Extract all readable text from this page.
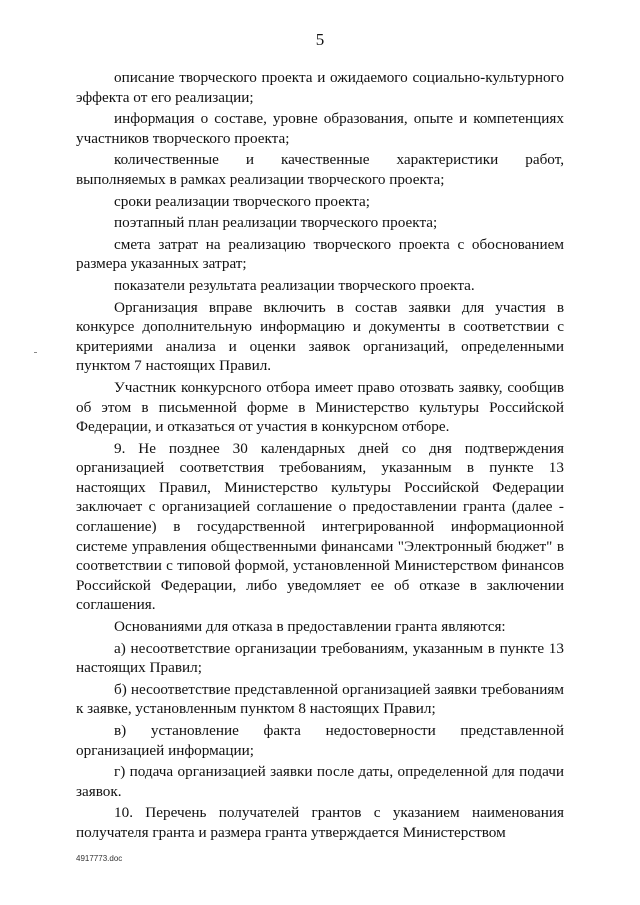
5

описание творческого проекта и ожидаемого социально-культурного эффекта от его реализации;

информация о составе, уровне образования, опыте и компетенциях участников творческого проекта;

количественные и качественные характеристики работ, выполняемых в рамках реализации творческого проекта;

сроки реализации творческого проекта;

поэтапный план реализации творческого проекта;

смета затрат на реализацию творческого проекта с обоснованием размера указанных затрат;

показатели результата реализации творческого проекта.

Организация вправе включить в состав заявки для участия в конкурсе дополнительную информацию и документы в соответствии с критериями анализа и оценки заявок организаций, определенными пунктом 7 настоящих Правил.

Участник конкурсного отбора имеет право отозвать заявку, сообщив об этом в письменной форме в Министерство культуры Российской Федерации, и отказаться от участия в конкурсном отборе.

9. Не позднее 30 календарных дней со дня подтверждения организацией соответствия требованиям, указанным в пункте 13 настоящих Правил, Министерство культуры Российской Федерации заключает с организацией соглашение о предоставлении гранта (далее - соглашение) в государственной интегрированной информационной системе управления общественными финансами "Электронный бюджет" в соответствии с типовой формой, установленной Министерством финансов Российской Федерации, либо уведомляет ее об отказе в заключении соглашения.

Основаниями для отказа в предоставлении гранта являются:

а) несоответствие организации требованиям, указанным в пункте 13 настоящих Правил;

б) несоответствие представленной организацией заявки требованиям к заявке, установленным пунктом 8 настоящих Правил;

в) установление факта недостоверности представленной организацией информации;

г) подача организацией заявки после даты, определенной для подачи заявок.

10. Перечень получателей грантов с указанием наименования получателя гранта и размера гранта утверждается Министерством

4917773.doc
